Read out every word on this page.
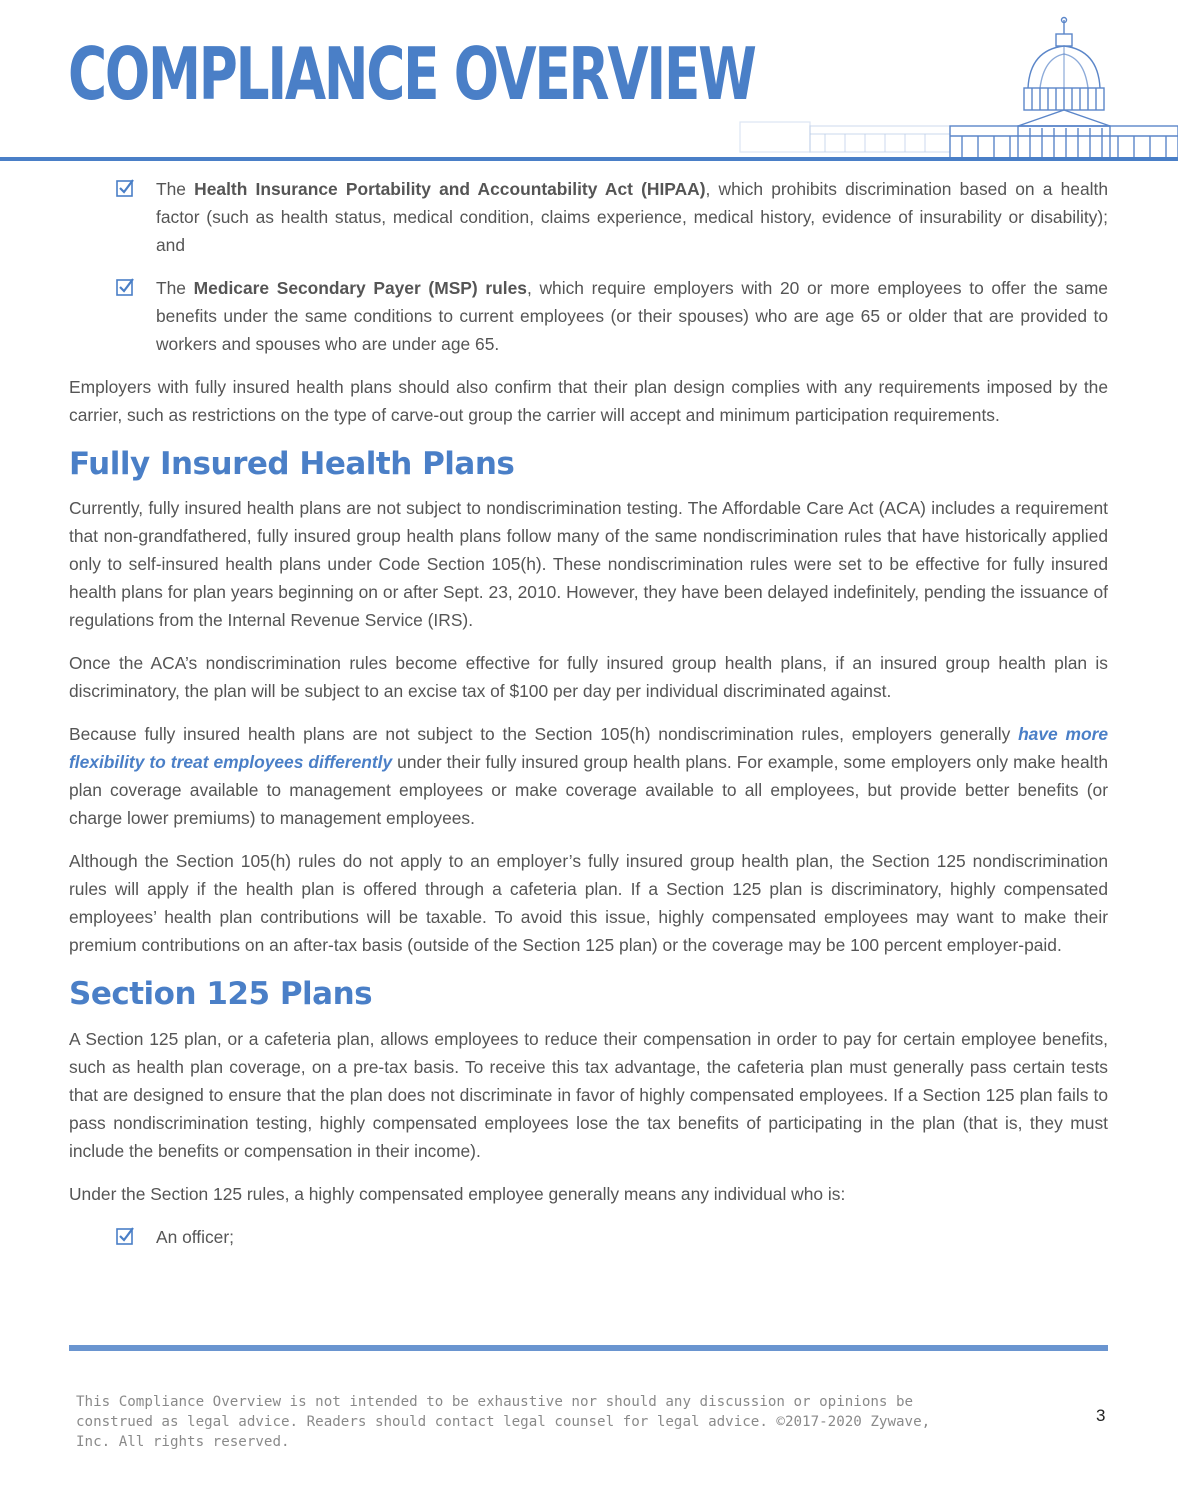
COMPLIANCE OVERVIEW

The Health Insurance Portability and Accountability Act (HIPAA), which prohibits discrimination based on a health factor (such as health status, medical condition, claims experience, medical history, evidence of insurability or disability); and

The Medicare Secondary Payer (MSP) rules, which require employers with 20 or more employees to offer the same benefits under the same conditions to current employees (or their spouses) who are age 65 or older that are provided to workers and spouses who are under age 65.

Employers with fully insured health plans should also confirm that their plan design complies with any requirements imposed by the carrier, such as restrictions on the type of carve-out group the carrier will accept and minimum participation requirements.

Fully Insured Health Plans

Currently, fully insured health plans are not subject to nondiscrimination testing. The Affordable Care Act (ACA) includes a requirement that non-grandfathered, fully insured group health plans follow many of the same nondiscrimination rules that have historically applied only to self-insured health plans under Code Section 105(h). These nondiscrimination rules were set to be effective for fully insured health plans for plan years beginning on or after Sept. 23, 2010. However, they have been delayed indefinitely, pending the issuance of regulations from the Internal Revenue Service (IRS).

Once the ACA’s nondiscrimination rules become effective for fully insured group health plans, if an insured group health plan is discriminatory, the plan will be subject to an excise tax of $100 per day per individual discriminated against.

Because fully insured health plans are not subject to the Section 105(h) nondiscrimination rules, employers generally have more flexibility to treat employees differently under their fully insured group health plans. For example, some employers only make health plan coverage available to management employees or make coverage available to all employees, but provide better benefits (or charge lower premiums) to management employees.

Although the Section 105(h) rules do not apply to an employer’s fully insured group health plan, the Section 125 nondiscrimination rules will apply if the health plan is offered through a cafeteria plan. If a Section 125 plan is discriminatory, highly compensated employees’ health plan contributions will be taxable. To avoid this issue, highly compensated employees may want to make their premium contributions on an after-tax basis (outside of the Section 125 plan) or the coverage may be 100 percent employer-paid.

Section 125 Plans

A Section 125 plan, or a cafeteria plan, allows employees to reduce their compensation in order to pay for certain employee benefits, such as health plan coverage, on a pre-tax basis. To receive this tax advantage, the cafeteria plan must generally pass certain tests that are designed to ensure that the plan does not discriminate in favor of highly compensated employees. If a Section 125 plan fails to pass nondiscrimination testing, highly compensated employees lose the tax benefits of participating in the plan (that is, they must include the benefits or compensation in their income).

Under the Section 125 rules, a highly compensated employee generally means any individual who is:

An officer;

This Compliance Overview is not intended to be exhaustive nor should any discussion or opinions be construed as legal advice. Readers should contact legal counsel for legal advice. ©2017-2020 Zywave, Inc. All rights reserved.

3
